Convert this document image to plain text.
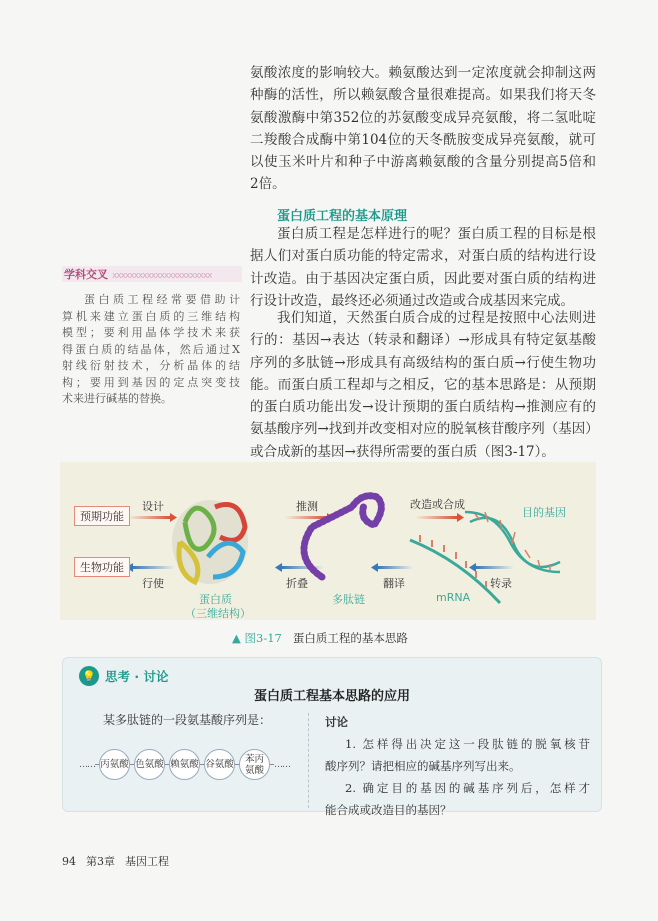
氨酸浓度的影响较大。赖氨酸达到一定浓度就会抑制这两
种酶的活性，所以赖氨酸含量很难提高。如果我们将天冬
氨酸激酶中第352位的苏氨酸变成异亮氨酸，将二氢吡啶
二羧酸合成酶中第104位的天冬酰胺变成异亮氨酸，就可
以使玉米叶片和种子中游离赖氨酸的含量分别提高5倍和
2倍。
蛋白质工程的基本原理
蛋白质工程是怎样进行的呢？蛋白质工程的目标是根
据人们对蛋白质功能的特定需求，对蛋白质的结构进行设
计改造。由于基因决定蛋白质，因此要对蛋白质的结构进
行设计改造，最终还必须通过改造或合成基因来完成。
我们知道，天然蛋白质合成的过程是按照中心法则进
行的：基因→表达（转录和翻译）→形成具有特定氨基酸
序列的多肽链→形成具有高级结构的蛋白质→行使生物功
能。而蛋白质工程却与之相反，它的基本思路是：从预期
的蛋白质功能出发→设计预期的蛋白质结构→推测应有的
氨基酸序列→找到并改变相对应的脱氧核苷酸序列（基因）
或合成新的基因→获得所需要的蛋白质（图3-17）。
学科交叉 xxxxxxxxxxxxxxxxxxxxxxx
蛋白质工程经常要借助计
算机来建立蛋白质的三维结构
模型；要利用晶体学技术来获
得蛋白质的结晶体，然后通过X
射线衍射技术，分析晶体的结
构；要用到基因的定点突变技
术来进行碱基的替换。
预期功能
生物功能
设计	推测	改造或合成
目的基因
行使	折叠	翻译	转录
蛋白质
（三维结构）
多肽链	mRNA
▲ 图3-17 蛋白质工程的基本思路
💡 思考 · 讨论
蛋白质工程基本思路的应用
某多肽链的一段氨基酸序列是：
…… 丙氨酸 色氨酸 赖氨酸 谷氨酸	苯丙氨酸	……
讨论
1. 怎样得出决定这一段肽链的脱氧核苷
酸序列？请把相应的碱基序列写出来。
2. 确定目的基因的碱基序列后，怎样才
能合成或改造目的基因？
94 第3章 基因工程
